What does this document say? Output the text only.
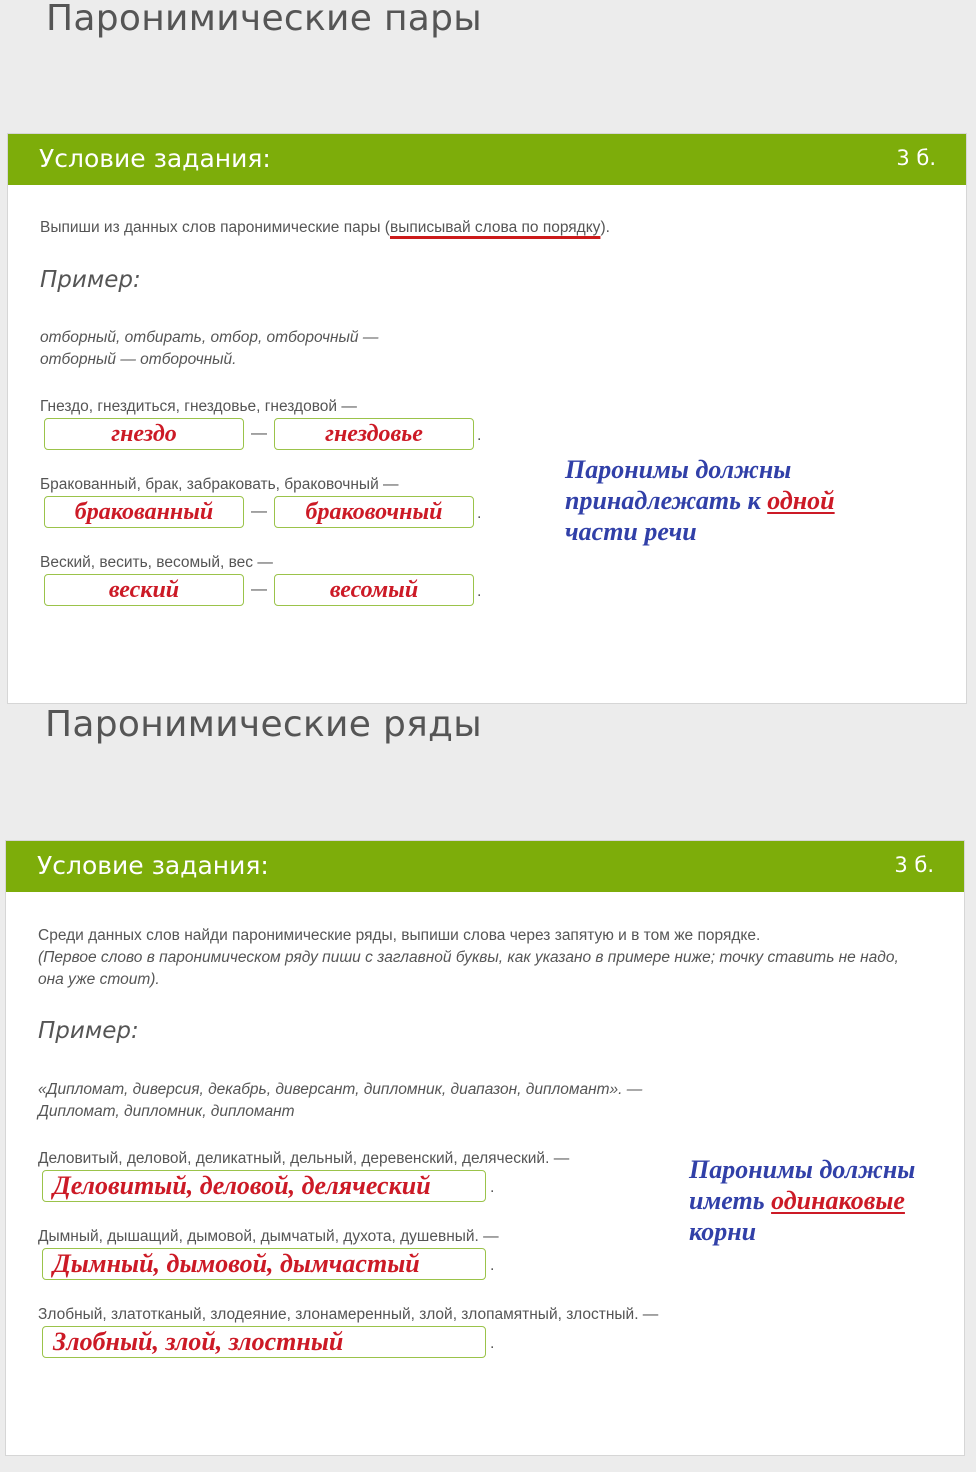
Паронимические пары
Условие задания:	3 б.
Выпиши из данных слов паронимические пары (выписывай слова по порядку).
Пример:
отборный, отбирать, отбор, отборочный —
отборный — отборочный.
Гнездо, гнездиться, гнездовье, гнездовой —
гнездо	—	гнездовье	.
Бракованный, брак, забраковать, браковочный —
бракованный	—	браковочный	.
Веский, весить, весомый, вес —
веский	—	весомый	.
Паронимы должны
принадлежать к одной
части речи
Паронимические ряды
Условие задания:	3 б.
Среди данных слов найди паронимические ряды, выпиши слова через запятую и в том же порядке.
(Первое слово в паронимическом ряду пиши с заглавной буквы, как указано в примере ниже; точку ставить не надо,
она уже стоит).
Пример:
«Дипломат, диверсия, декабрь, диверсант, дипломник, диапазон, дипломант». —
Дипломат, дипломник, дипломант
Деловитый, деловой, деликатный, дельный, деревенский, деляческий. —
Деловитый, деловой, деляческий	.
Дымный, дышащий, дымовой, дымчатый, духота, душевный. —
Дымный, дымовой, дымчастый	.
Злобный, златотканый, злодеяние, злонамеренный, злой, злопамятный, злостный. —
Злобный, злой, злостный	.
Паронимы должны
иметь одинаковые
корни
